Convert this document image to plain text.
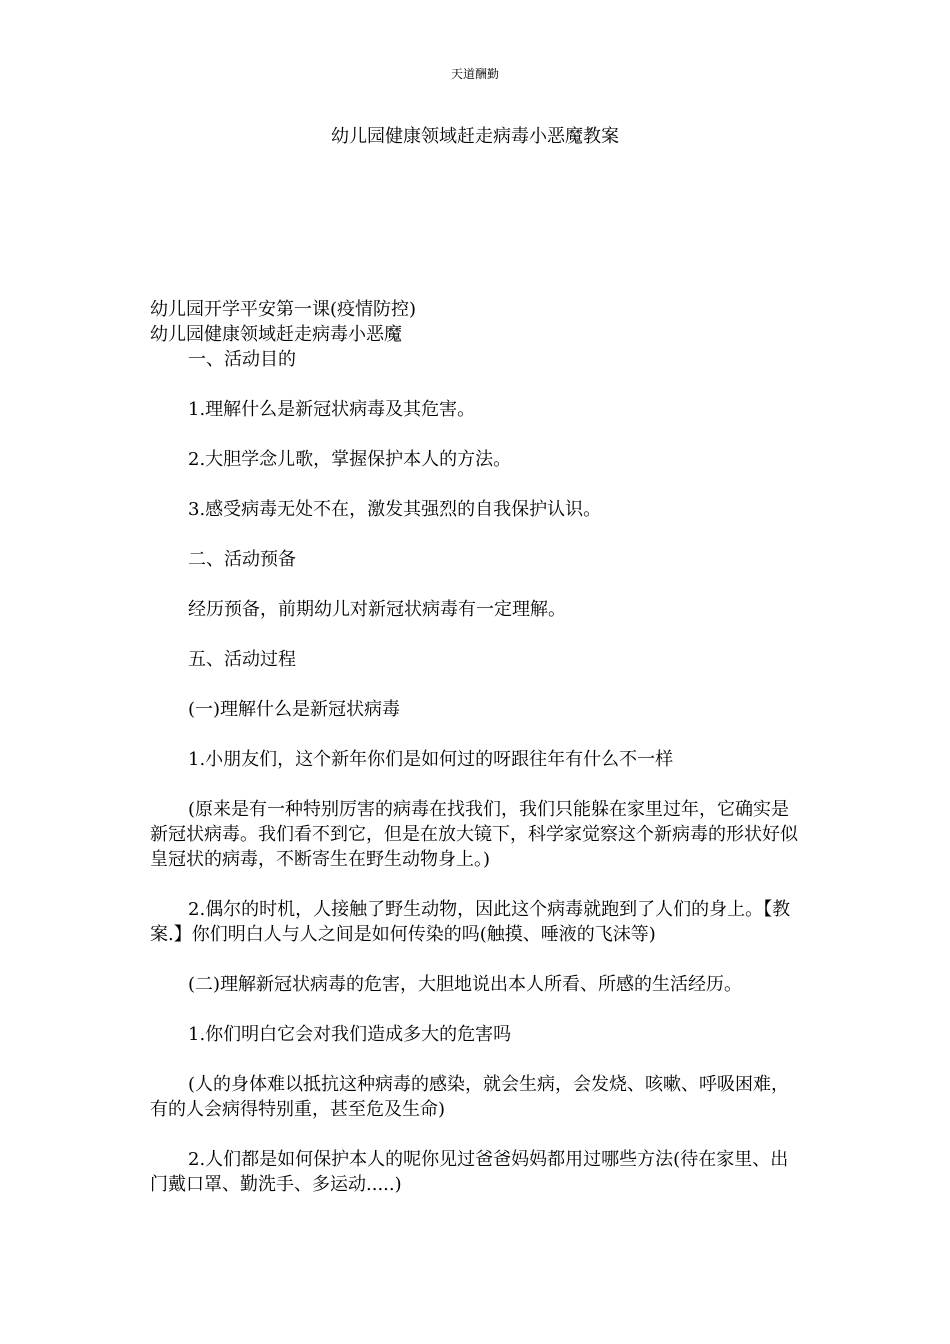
天道酬勤
幼儿园健康领域赶走病毒小恶魔教案

幼儿园开学平安第一课(疫情防控)

幼儿园健康领域赶走病毒小恶魔

一、活动目的

1.理解什么是新冠状病毒及其危害。

2.大胆学念儿歌，掌握保护本人的方法。

3.感受病毒无处不在，激发其强烈的自我保护认识。

二、活动预备

经历预备，前期幼儿对新冠状病毒有一定理解。

五、活动过程

(一)理解什么是新冠状病毒

1.小朋友们，这个新年你们是如何过的呀跟往年有什么不一样

(原来是有一种特别厉害的病毒在找我们，我们只能躲在家里过年，它确实是新冠状病毒。我们看不到它，但是在放大镜下，科学家觉察这个新病毒的形状好似皇冠状的病毒，不断寄生在野生动物身上。)

2.偶尔的时机，人接触了野生动物，因此这个病毒就跑到了人们的身上。【教案.】你们明白人与人之间是如何传染的吗(触摸、唾液的飞沫等)

(二)理解新冠状病毒的危害，大胆地说出本人所看、所感的生活经历。

1.你们明白它会对我们造成多大的危害吗

(人的身体难以抵抗这种病毒的感染，就会生病，会发烧、咳嗽、呼吸困难，有的人会病得特别重，甚至危及生命)

2.人们都是如何保护本人的呢你见过爸爸妈妈都用过哪些方法(待在家里、出门戴口罩、勤洗手、多运动.....)
